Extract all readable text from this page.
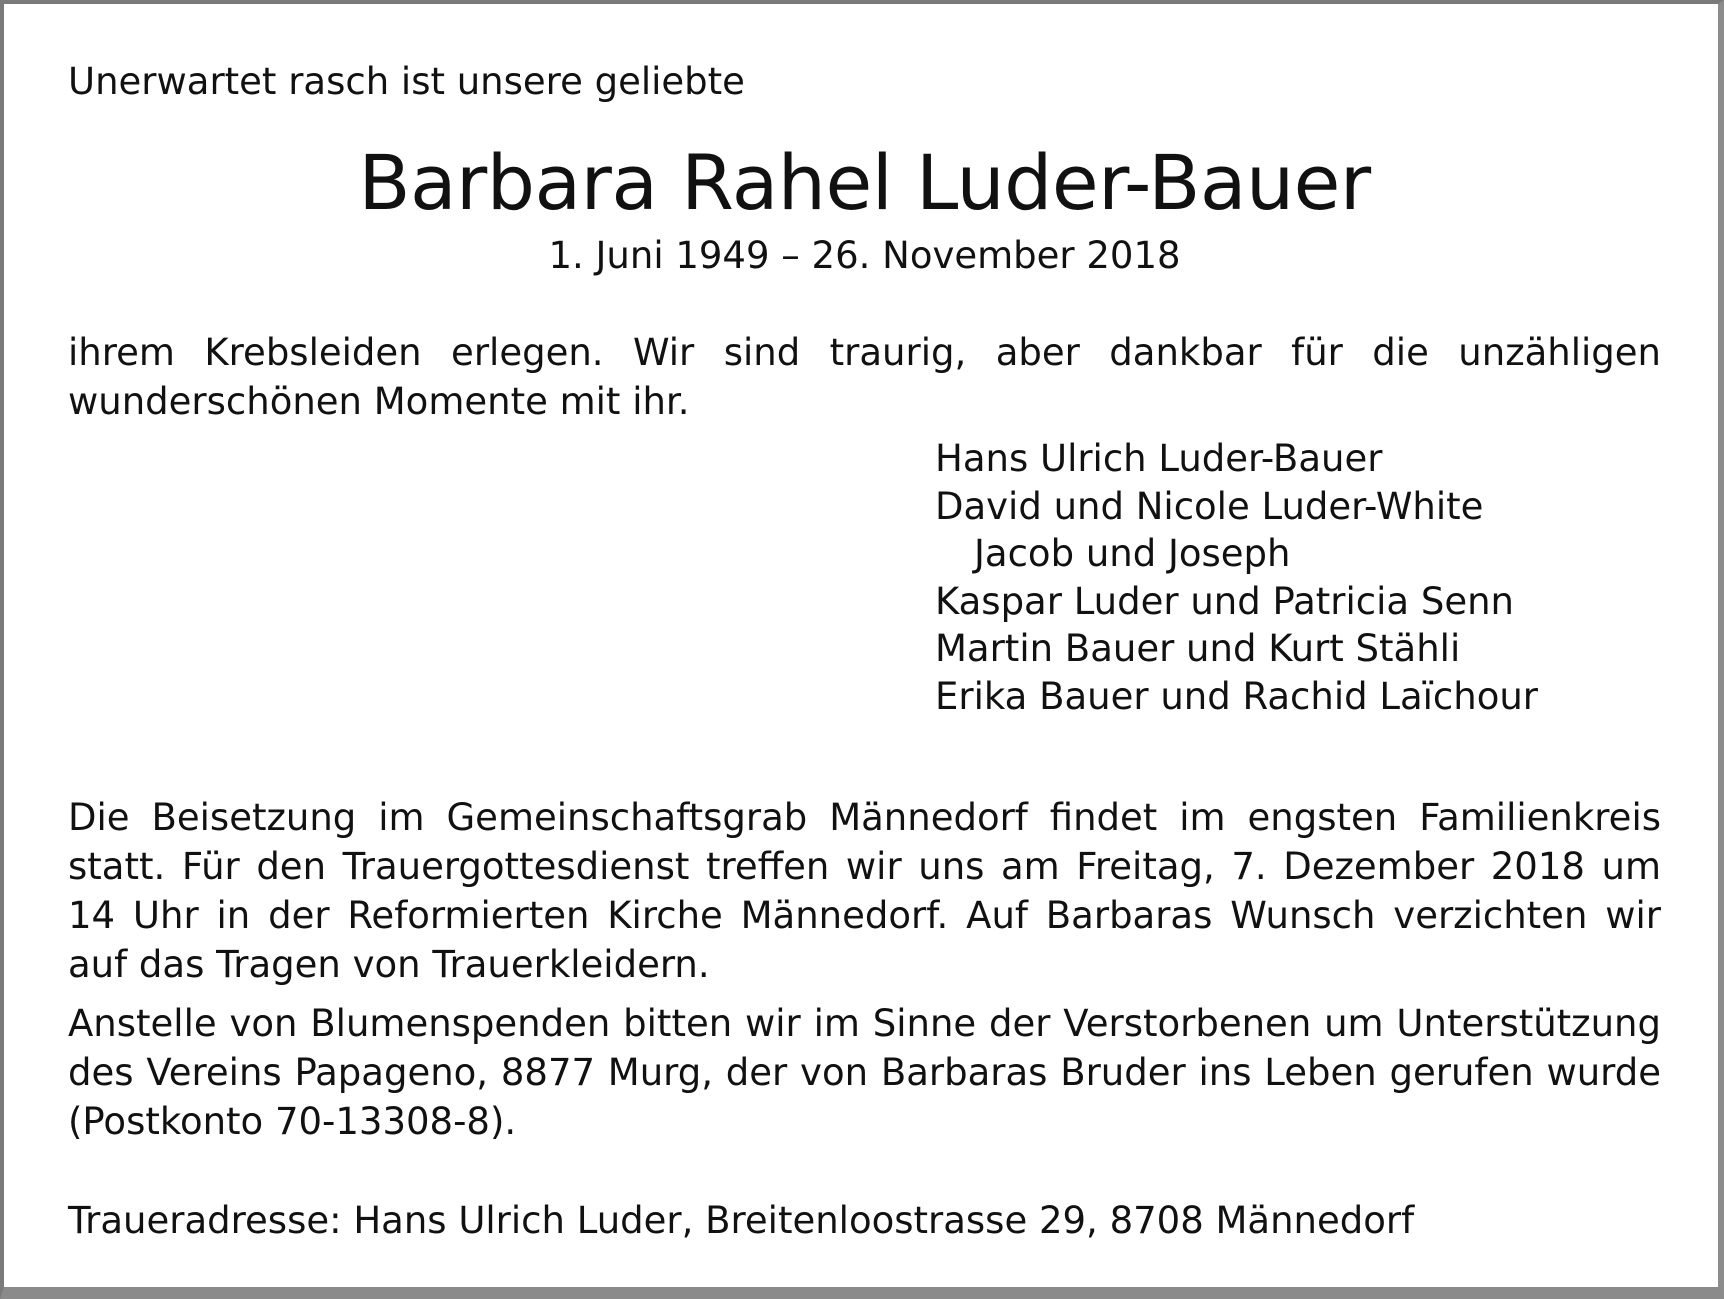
Unerwartet rasch ist unsere geliebte

Barbara Rahel Luder-Bauer

1. Juni 1949 – 26. November 2018

ihrem Krebsleiden erlegen. Wir sind traurig, aber dankbar für die unzähligen wunderschönen Momente mit ihr.

Hans Ulrich Luder-Bauer
David und Nicole Luder-White
Jacob und Joseph
Kaspar Luder und Patricia Senn
Martin Bauer und Kurt Stähli
Erika Bauer und Rachid Laïchour

Die Beisetzung im Gemeinschaftsgrab Männedorf findet im engsten Familienkreis statt. Für den Trauergottesdienst treffen wir uns am Freitag, 7. Dezember 2018 um 14 Uhr in der Reformierten Kirche Männedorf. Auf Barbaras Wunsch verzichten wir auf das Tragen von Trauerkleidern.

Anstelle von Blumenspenden bitten wir im Sinne der Verstorbenen um Unterstützung des Vereins Papageno, 8877 Murg, der von Barbaras Bruder ins Leben gerufen wurde (Postkonto 70-13308-8).

Traueradresse: Hans Ulrich Luder, Breitenloostrasse 29, 8708 Männedorf
